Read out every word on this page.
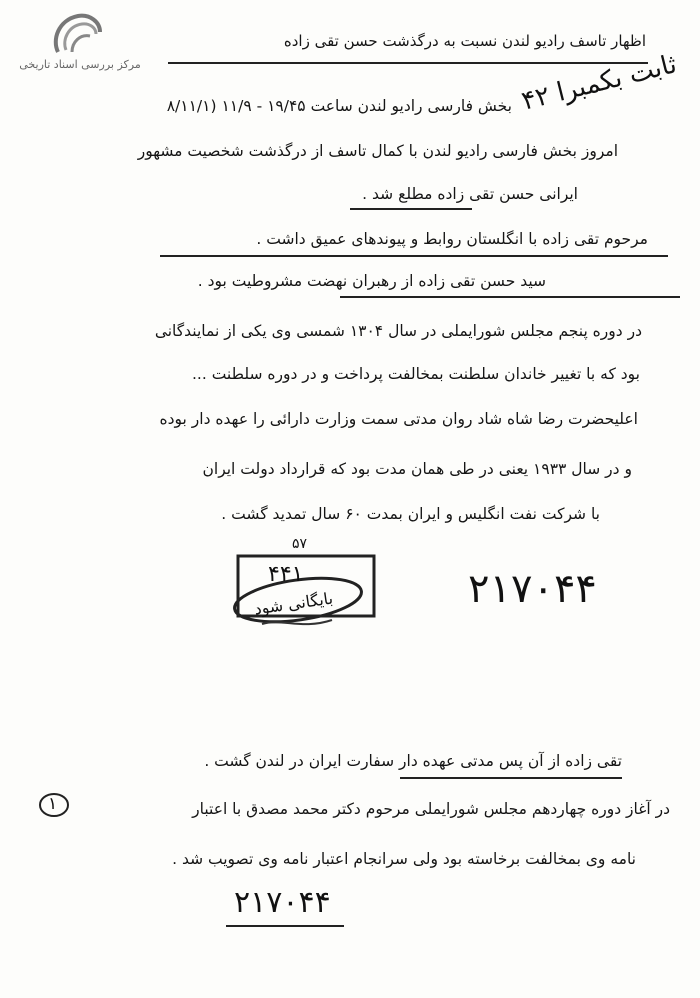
مرکز بررسی اسناد تاریخی
اظهار تاسف رادیو لندن نسبت به درگذشت حسن تقی زاده
ثابت بکمبرا ۴۲
بخش فارسی رادیو لندن ساعت ۱۹/۴۵ - ۱۱/۹ (۸/۱۱/۱
امروز بخش فارسی رادیو لندن با کمال تاسف از درگذشت شخصیت مشهور
ایرانی حسن تقی زاده مطلع شد .
مرحوم تقی زاده با انگلستان روابط و پیوندهای عمیق داشت .
سید حسن تقی زاده از رهبران نهضت مشروطیت بود .
در دوره پنجم مجلس شورایملی در سال ۱۳۰۴ شمسی وی یکی از نمایندگانی
بود که با تغییر خاندان سلطنت بمخالفت پرداخت و در دوره سلطنت ...
اعلیحضرت رضا شاه شاد روان مدتی سمت وزارت دارائی را عهده دار بوده
و در سال ۱۹۳۳ یعنی در طی همان مدت بود که قرارداد دولت ایران
با شرکت نفت انگلیس و ایران بمدت ۶۰ سال تمدید گشت .
۵۷
۴۴۱
بایگانی شود	۲۱۷۰۴۴
تقی زاده از آن پس مدتی عهده دار سفارت ایران در لندن گشت .
۱	در آغاز دوره چهاردهم مجلس شورایملی مرحوم دکتر محمد مصدق با اعتبار
نامه وی بمخالفت برخاسته بود ولی سرانجام اعتبار نامه وی تصویب شد .
۲۱۷۰۴۴
